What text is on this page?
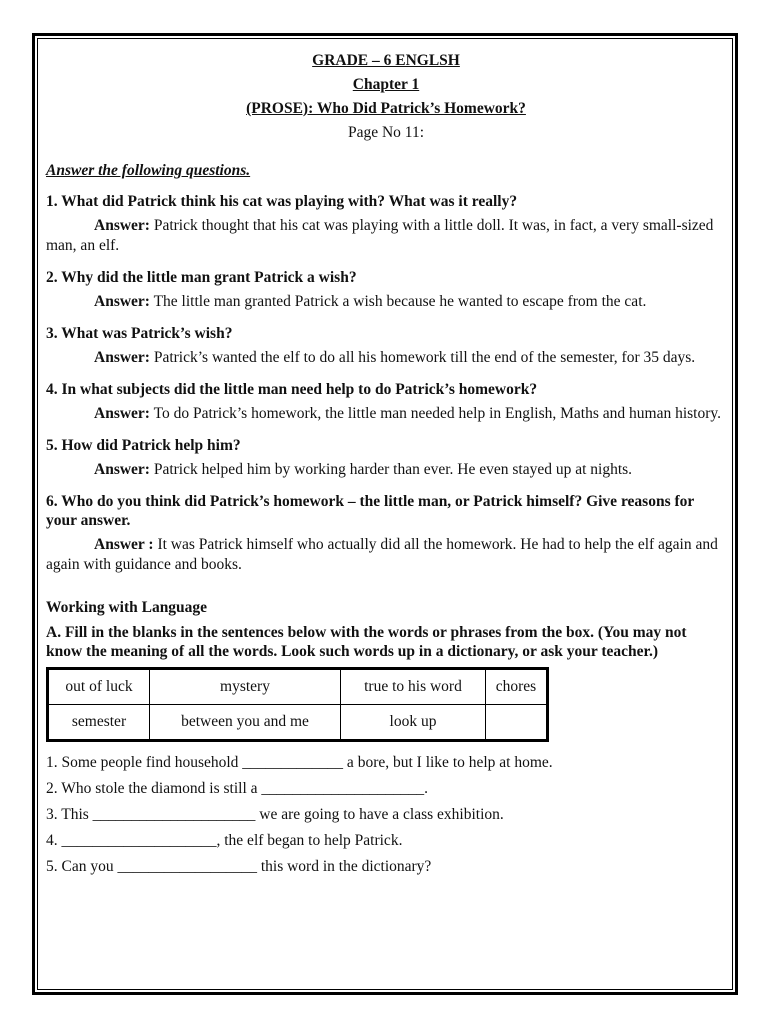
GRADE – 6 ENGLSH
Chapter 1
(PROSE): Who Did Patrick’s Homework?
Page No 11:
Answer the following questions.
1. What did Patrick think his cat was playing with? What was it really?
Answer: Patrick thought that his cat was playing with a little doll. It was, in fact, a very small-sized man, an elf.
2. Why did the little man grant Patrick a wish?
Answer: The little man granted Patrick a wish because he wanted to escape from the cat.
3. What was Patrick’s wish?
Answer: Patrick’s wanted the elf to do all his homework till the end of the semester, for 35 days.
4. In what subjects did the little man need help to do Patrick’s homework?
Answer: To do Patrick’s homework, the little man needed help in English, Maths and human history.
5. How did Patrick help him?
Answer: Patrick helped him by working harder than ever. He even stayed up at nights.
6. Who do you think did Patrick’s homework – the little man, or Patrick himself? Give reasons for your answer.
Answer : It was Patrick himself who actually did all the homework. He had to help the elf again and again with guidance and books.
Working with Language
A. Fill in the blanks in the sentences below with the words or phrases from the box. (You may not know the meaning of all the words. Look such words up in a dictionary, or ask your teacher.)
out of luck	mystery	true to his word	chores
semester	between you and me	look up	
1. Some people find household _____________ a bore, but I like to help at home.
2. Who stole the diamond is still a _____________________.
3. This _____________________ we are going to have a class exhibition.
4. ____________________, the elf began to help Patrick.
5. Can you __________________ this word in the dictionary?
